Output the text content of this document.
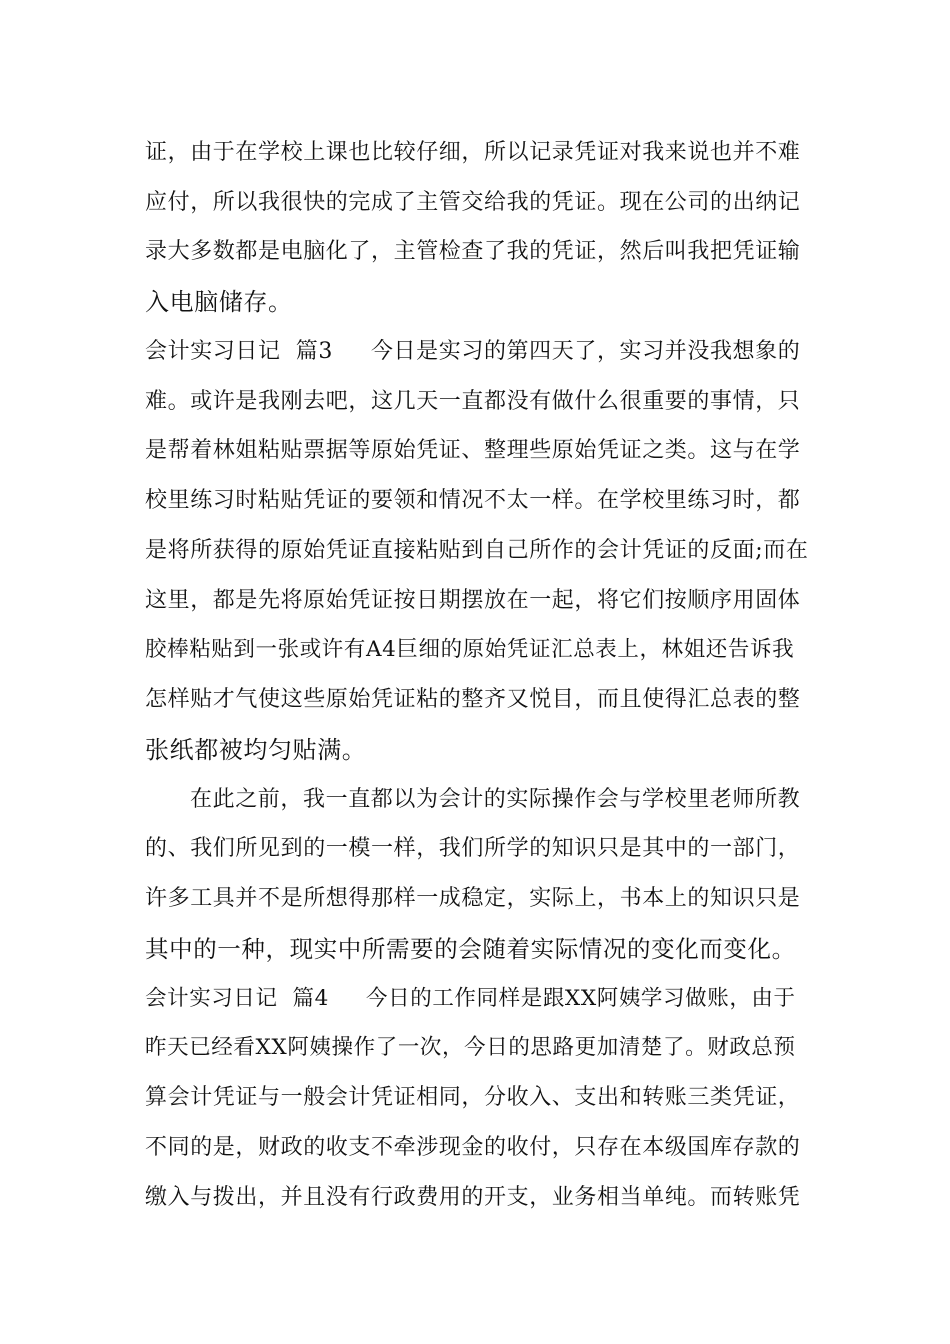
证，由于在学校上课也比较仔细，所以记录凭证对我来说也并不难
应付，所以我很快的完成了主管交给我的凭证。现在公司的出纳记
录大多数都是电脑化了，主管检查了我的凭证，然后叫我把凭证输
入电脑储存。
会计实习日记  篇3     今日是实习的第四天了，实习并没我想象的
难。或许是我刚去吧，这几天一直都没有做什么很重要的事情，只
是帮着林姐粘贴票据等原始凭证、整理些原始凭证之类。这与在学
校里练习时粘贴凭证的要领和情况不太一样。在学校里练习时，都
是将所获得的原始凭证直接粘贴到自己所作的会计凭证的反面;而在
这里，都是先将原始凭证按日期摆放在一起，将它们按顺序用固体
胶棒粘贴到一张或许有A4巨细的原始凭证汇总表上，林姐还告诉我
怎样贴才气使这些原始凭证粘的整齐又悦目，而且使得汇总表的整
张纸都被均匀贴满。
在此之前，我一直都以为会计的实际操作会与学校里老师所教
的、我们所见到的一模一样，我们所学的知识只是其中的一部门，
许多工具并不是所想得那样一成稳定，实际上，书本上的知识只是
其中的一种，现实中所需要的会随着实际情况的变化而变化。
会计实习日记  篇4     今日的工作同样是跟XX阿姨学习做账，由于
昨天已经看XX阿姨操作了一次，今日的思路更加清楚了。财政总预
算会计凭证与一般会计凭证相同，分收入、支出和转账三类凭证，
不同的是，财政的收支不牵涉现金的收付，只存在本级国库存款的
缴入与拨出，并且没有行政费用的开支，业务相当单纯。而转账凭
